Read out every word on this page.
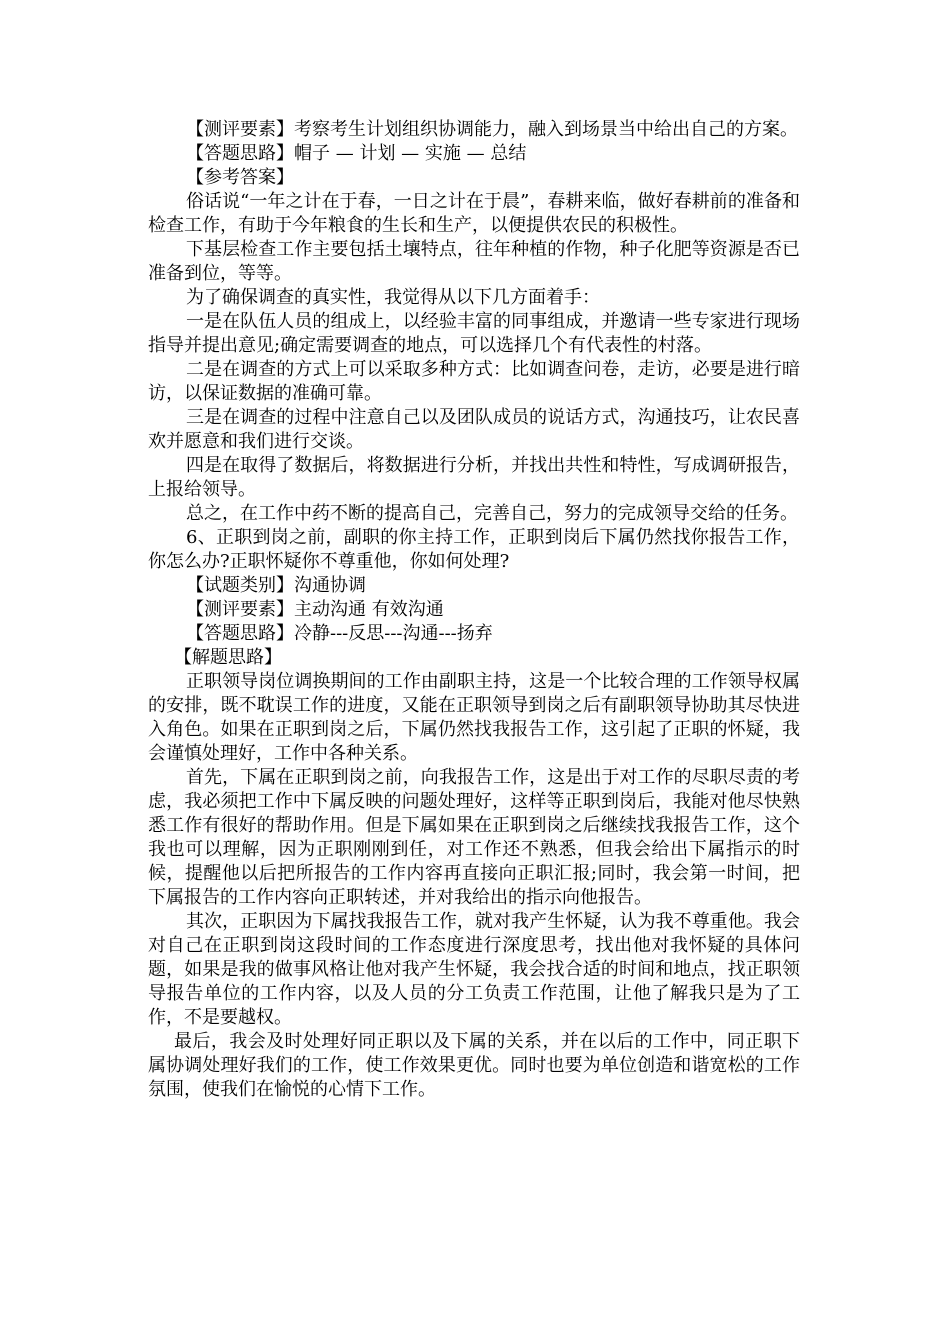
【测评要素】考察考生计划组织协调能力，融入到场景当中给出自己的方案。

【答题思路】帽子 — 计划 — 实施 — 总结

【参考答案】

俗话说“一年之计在于春，一日之计在于晨”，春耕来临，做好春耕前的准备和检查工作，有助于今年粮食的生长和生产，以便提供农民的积极性。

下基层检查工作主要包括土壤特点，往年种植的作物，种子化肥等资源是否已准备到位，等等。

为了确保调查的真实性，我觉得从以下几方面着手：

一是在队伍人员的组成上，以经验丰富的同事组成，并邀请一些专家进行现场指导并提出意见;确定需要调查的地点，可以选择几个有代表性的村落。

二是在调查的方式上可以采取多种方式：比如调查问卷，走访，必要是进行暗访，以保证数据的准确可靠。

三是在调查的过程中注意自己以及团队成员的说话方式，沟通技巧，让农民喜欢并愿意和我们进行交谈。

四是在取得了数据后，将数据进行分析，并找出共性和特性，写成调研报告，上报给领导。

总之，在工作中药不断的提高自己，完善自己，努力的完成领导交给的任务。

6、正职到岗之前，副职的你主持工作，正职到岗后下属仍然找你报告工作，你怎么办?正职怀疑你不尊重他，你如何处理?

【试题类别】沟通协调

【测评要素】主动沟通 有效沟通

【答题思路】冷静---反思---沟通---扬弃

【解题思路】

正职领导岗位调换期间的工作由副职主持，这是一个比较合理的工作领导权属的安排，既不耽误工作的进度，又能在正职领导到岗之后有副职领导协助其尽快进入角色。如果在正职到岗之后，下属仍然找我报告工作，这引起了正职的怀疑，我会谨慎处理好，工作中各种关系。

首先，下属在正职到岗之前，向我报告工作，这是出于对工作的尽职尽责的考虑，我必须把工作中下属反映的问题处理好，这样等正职到岗后，我能对他尽快熟悉工作有很好的帮助作用。但是下属如果在正职到岗之后继续找我报告工作，这个我也可以理解，因为正职刚刚到任，对工作还不熟悉，但我会给出下属指示的时候，提醒他以后把所报告的工作内容再直接向正职汇报;同时，我会第一时间，把下属报告的工作内容向正职转述，并对我给出的指示向他报告。

其次，正职因为下属找我报告工作，就对我产生怀疑，认为我不尊重他。我会对自己在正职到岗这段时间的工作态度进行深度思考，找出他对我怀疑的具体问题，如果是我的做事风格让他对我产生怀疑，我会找合适的时间和地点，找正职领导报告单位的工作内容，以及人员的分工负责工作范围，让他了解我只是为了工作，不是要越权。

最后，我会及时处理好同正职以及下属的关系，并在以后的工作中，同正职下属协调处理好我们的工作，使工作效果更优。同时也要为单位创造和谐宽松的工作氛围，使我们在愉悦的心情下工作。
